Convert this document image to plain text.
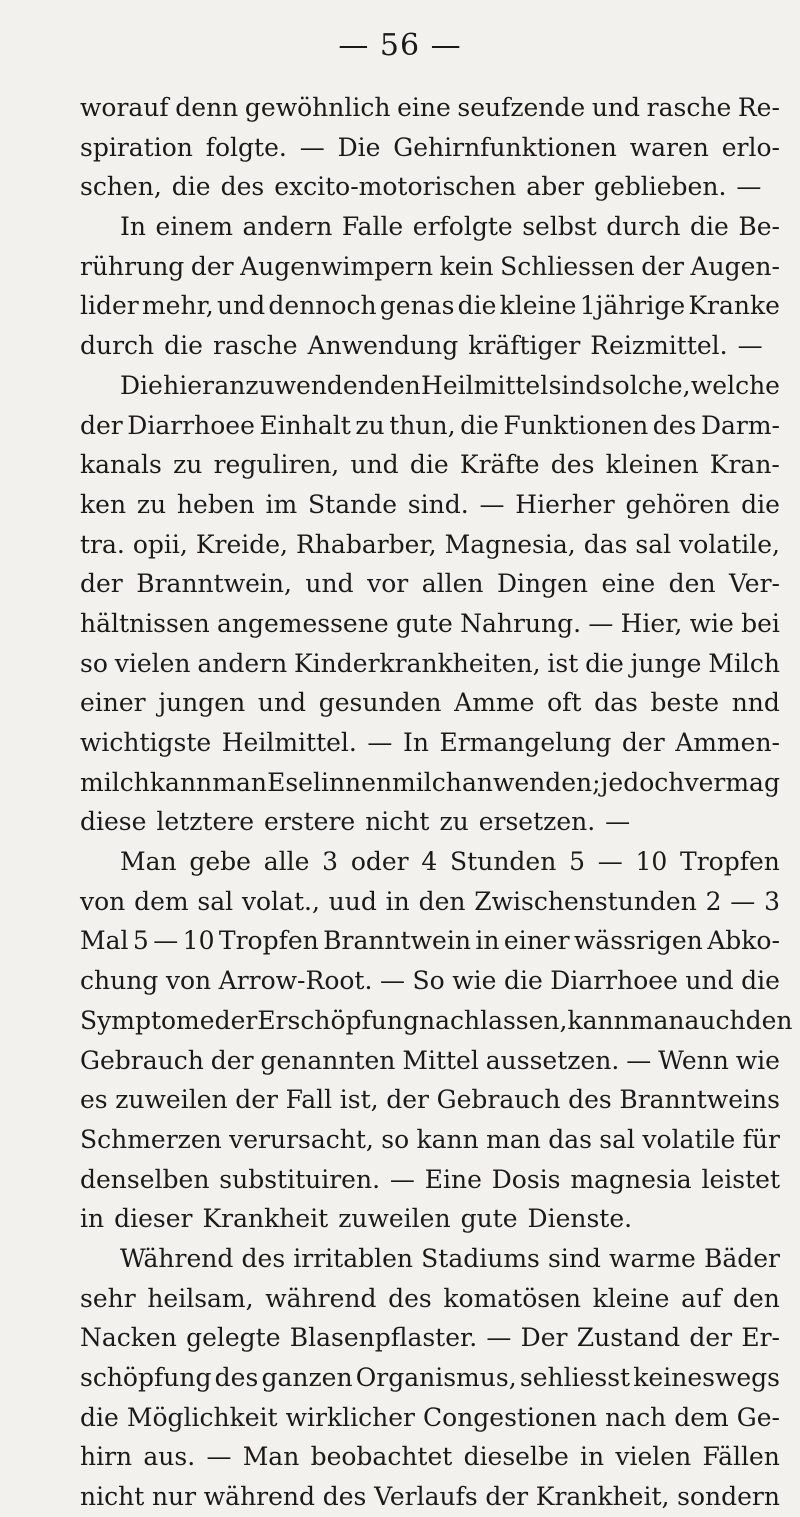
— 56 —
worauf denn gewöhnlich eine seufzende und rasche Re-
spiration folgte. — Die Gehirnfunktionen waren erlo-
schen, die des excito-motorischen aber geblieben. —
In einem andern Falle erfolgte selbst durch die Be-
rührung der Augenwimpern kein Schliessen der Augen-
lider mehr, und dennoch genas die kleine 1jährige Kranke
durch die rasche Anwendung kräftiger Reizmittel. —
Die hier anzuwendenden Heilmittel sind solche, welche
der Diarrhoee Einhalt zu thun, die Funktionen des Darm-
kanals zu reguliren, und die Kräfte des kleinen Kran-
ken zu heben im Stande sind. — Hierher gehören die
tra. opii, Kreide, Rhabarber, Magnesia, das sal volatile,
der Branntwein, und vor allen Dingen eine den Ver-
hältnissen angemessene gute Nahrung. — Hier, wie bei
so vielen andern Kinderkrankheiten, ist die junge Milch
einer jungen und gesunden Amme oft das beste nnd
wichtigste Heilmittel. — In Ermangelung der Ammen-
milch kann man Eselinnenmilch anwenden; jedoch vermag
diese letztere erstere nicht zu ersetzen. —
Man gebe alle 3 oder 4 Stunden 5 — 10 Tropfen
von dem sal volat., uud in den Zwischenstunden 2 — 3
Mal 5 — 10 Tropfen Branntwein in einer wässrigen Abko-
chung von Arrow-Root. — So wie die Diarrhoee und die
Symptome der Erschöpfung nachlassen, kann man auch den
Gebrauch der genannten Mittel aussetzen. — Wenn wie
es zuweilen der Fall ist, der Gebrauch des Branntweins
Schmerzen verursacht, so kann man das sal volatile für
denselben substituiren. — Eine Dosis magnesia leistet
in dieser Krankheit zuweilen gute Dienste.
Während des irritablen Stadiums sind warme Bäder
sehr heilsam, während des komatösen kleine auf den
Nacken gelegte Blasenpflaster. — Der Zustand der Er-
schöpfung des ganzen Organismus, sehliesst keineswegs
die Möglichkeit wirklicher Congestionen nach dem Ge-
hirn aus. — Man beobachtet dieselbe in vielen Fällen
nicht nur während des Verlaufs der Krankheit, sondern
